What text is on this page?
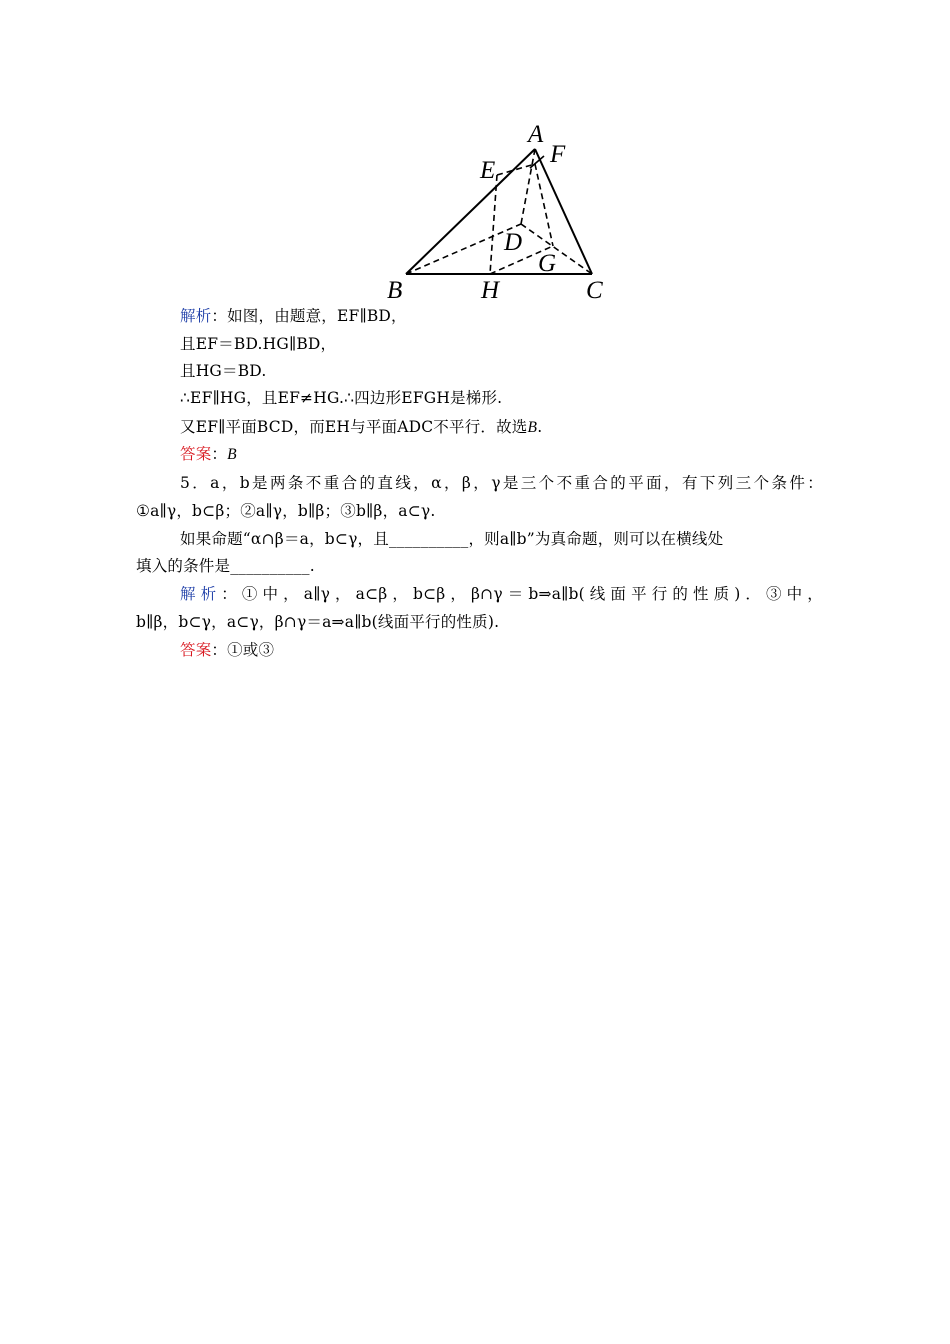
A
F
E
D
G
B	H	C
解析：如图，由题意，EF∥BD，
且EF＝BD.HG∥BD，
且HG＝BD.
∴EF∥HG，且EF≠HG.∴四边形EFGH是梯形.
又EF∥平面BCD，而EH与平面ADC不平行．故选B.
答案：B
5．a，b是两条不重合的直线，α，β，γ是三个不重合的平面，有下列三个条件：
①a∥γ，b⊂β；②a∥γ，b∥β；③b∥β，a⊂γ.
如果命题“α∩β＝a，b⊂γ，且__________，则a∥b”为真命题，则可以在横线处
填入的条件是__________.
解析：①中，a∥γ，a⊂β，b⊂β，β∩γ＝b⇒a∥b(线面平行的性质)．③中，
b∥β，b⊂γ，a⊂γ，β∩γ＝a⇒a∥b(线面平行的性质).
答案：①或③
